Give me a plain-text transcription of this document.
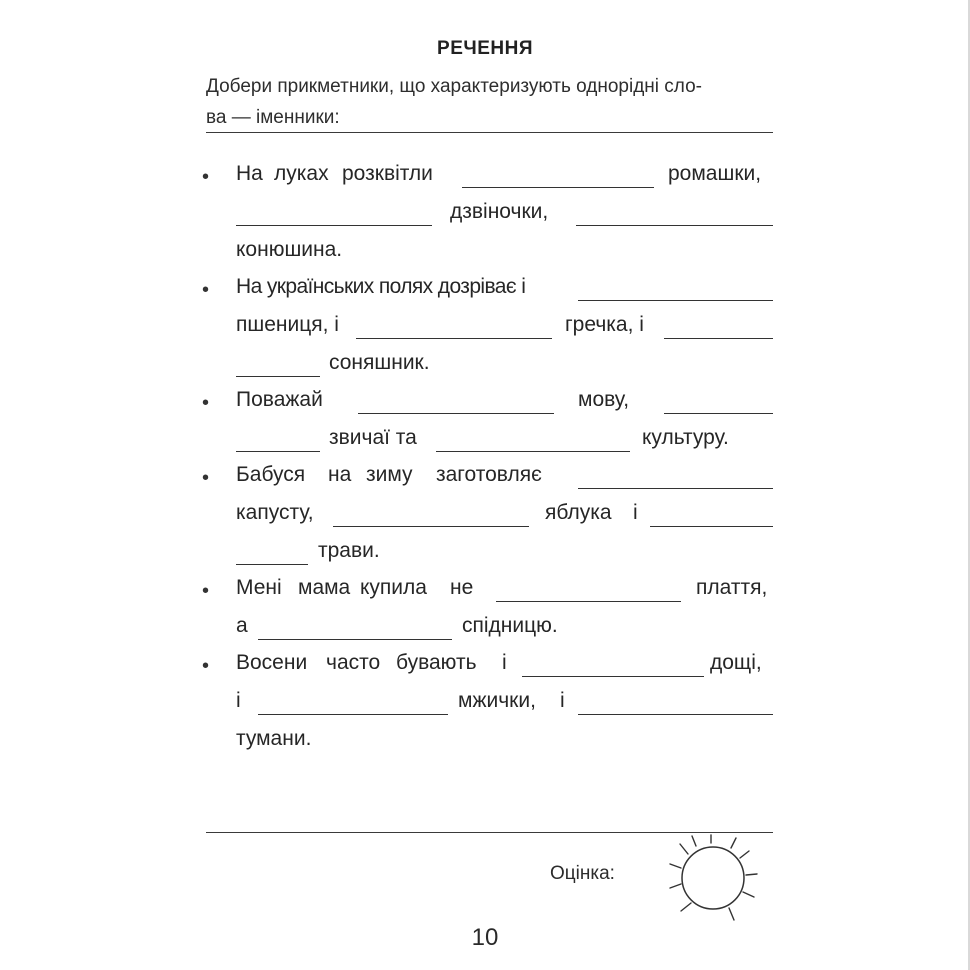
РЕЧЕННЯ
Добери прикметники, що характеризують однорідні сло-
ва — іменники:
• На луках розквітли	ромашки,
дзвіночки,
конюшина.
• На українських полях дозріває і
пшениця, і	гречка, і
соняшник.
• Поважай	мову,
звичаї та	культуру.
• Бабуся на зиму заготовляє
капусту,	яблука і
трави.
• Мені мама купила не	плаття,
а	спідницю.
• Восени часто бувають і	дощі,
і	мжички, і
тумани.
Оцінка:
10
